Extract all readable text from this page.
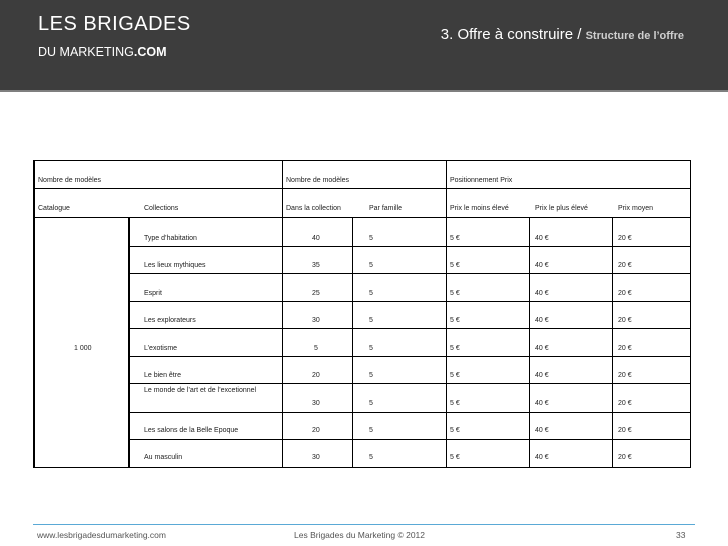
LES BRIGADES
DU MARKETING.COM
3. Offre à construire / Structure de l’offre
Nombre de modèles	Nombre de modèles	Positionnement Prix
Catalogue	Collections	Dans la collection	Par famille	Prix le moins élevé	Prix le plus élevé	Prix moyen
1 000
Type d’habitation	40	5	5 €	40 €	20 €
Les lieux mythiques	35	5	5 €	40 €	20 €
Esprit	25	5	5 €	40 €	20 €
Les explorateurs	30	5	5 €	40 €	20 €
L’exotisme	5	5	5 €	40 €	20 €
Le bien être	20	5	5 €	40 €	20 €
Le monde de l’art et de l’excetionnel
30	5	5 €	40 €	20 €
Les salons de la Belle Epoque	20	5	5 €	40 €	20 €
Au masculin	30	5	5 €	40 €	20 €
www.lesbrigadesdumarketing.com	Les Brigades du Marketing © 2012	33
